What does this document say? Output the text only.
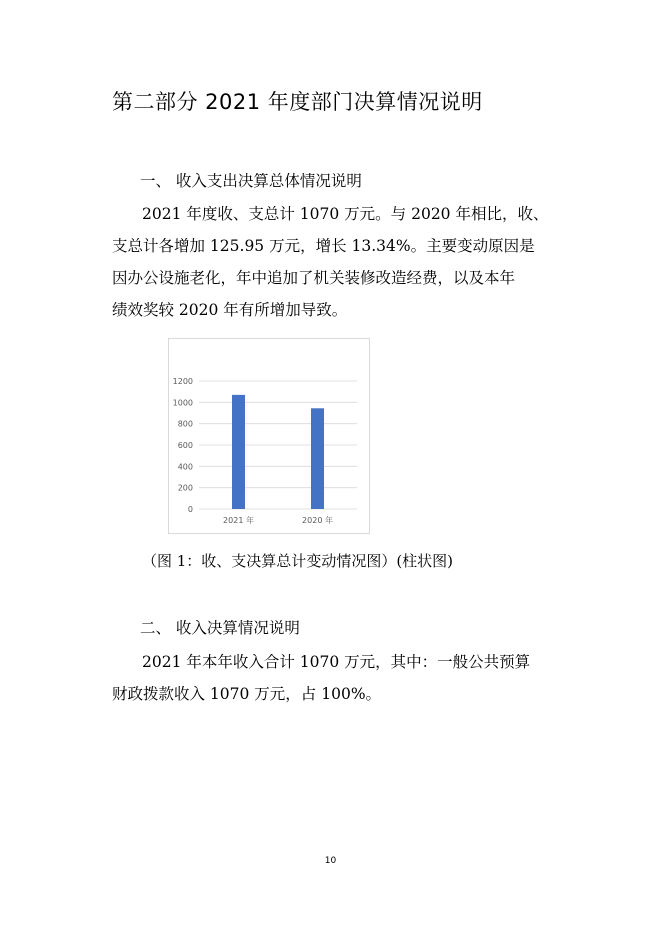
第二部分 2021 年度部门决算情况说明
一、 收入支出决算总体情况说明
2021 年度收、支总计 1070 万元。与 2020 年相比，收、
支总计各增加 125.95 万元，增长 13.34%。主要变动原因是
因办公设施老化，年中追加了机关装修改造经费，以及本年
绩效奖较 2020 年有所增加导致。
0
200
400
600
800
1000
1200
2021 年	2020 年
（图 1：收、支决算总计变动情况图）(柱状图)
二、 收入决算情况说明
2021 年本年收入合计 1070 万元，其中：一般公共预算
财政拨款收入 1070 万元，占 100%。
10
